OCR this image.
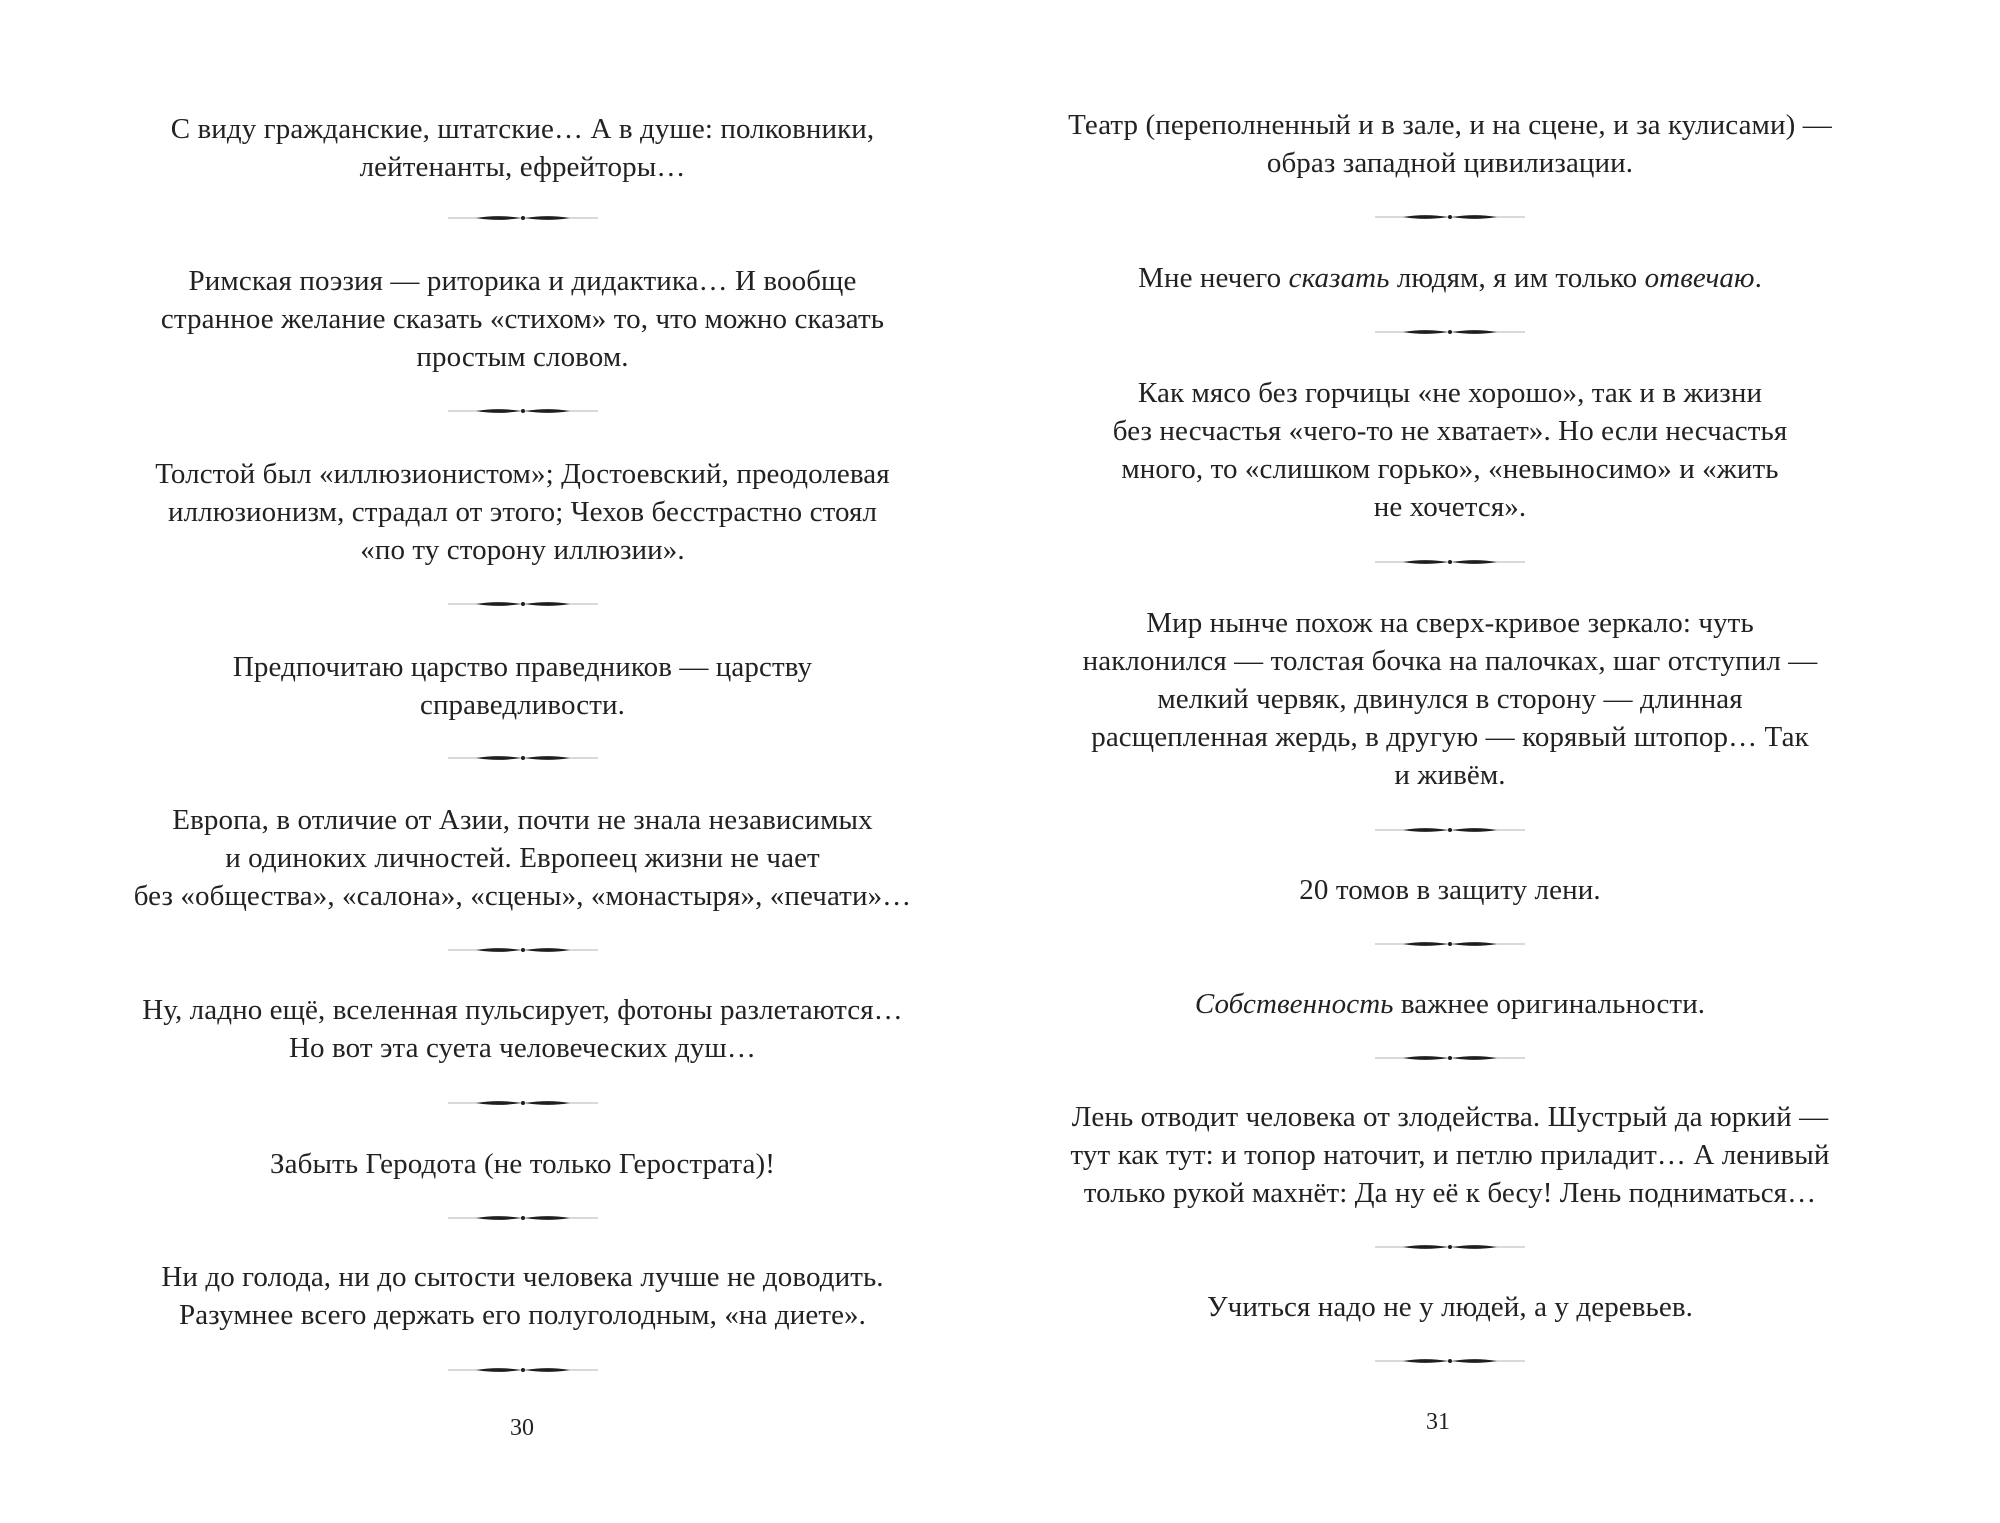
С виду гражданские, штатские… А в душе: полковники,
лейтенанты, ефрейторы…
Римская поэзия — риторика и дидактика… И вообще
странное желание сказать «стихом» то, что можно сказать
простым словом.
Толстой был «иллюзионистом»; Достоевский, преодолевая
иллюзионизм, страдал от этого; Чехов бесстрастно стоял
«по ту сторону иллюзии».
Предпочитаю царство праведников — царству
справедливости.
Европа, в отличие от Азии, почти не знала независимых
и одиноких личностей. Европеец жизни не чает
без «общества», «салона», «сцены», «монастыря», «печати»…
Ну, ладно ещё, вселенная пульсирует, фотоны разлетаются…
Но вот эта суета человеческих душ…
Забыть Геродота (не только Герострата)!
Ни до голода, ни до сытости человека лучше не доводить.
Разумнее всего держать его полуголодным, «на диете».
30
Театр (переполненный и в зале, и на сцене, и за кулисами) —
образ западной цивилизации.
Мне нечего сказать людям, я им только отвечаю.
Как мясо без горчицы «не хорошо», так и в жизни
без несчастья «чего-то не хватает». Но если несчастья
много, то «слишком горько», «невыносимо» и «жить
не хочется».
Мир нынче похож на сверх-кривое зеркало: чуть
наклонился — толстая бочка на палочках, шаг отступил —
мелкий червяк, двинулся в сторону — длинная
расщепленная жердь, в другую — корявый штопор… Так
и живём.
20 томов в защиту лени.
Собственность важнее оригинальности.
Лень отводит человека от злодейства. Шустрый да юркий —
тут как тут: и топор наточит, и петлю приладит… А ленивый
только рукой махнёт: Да ну её к бесу! Лень подниматься…
Учиться надо не у людей, а у деревьев.
31
